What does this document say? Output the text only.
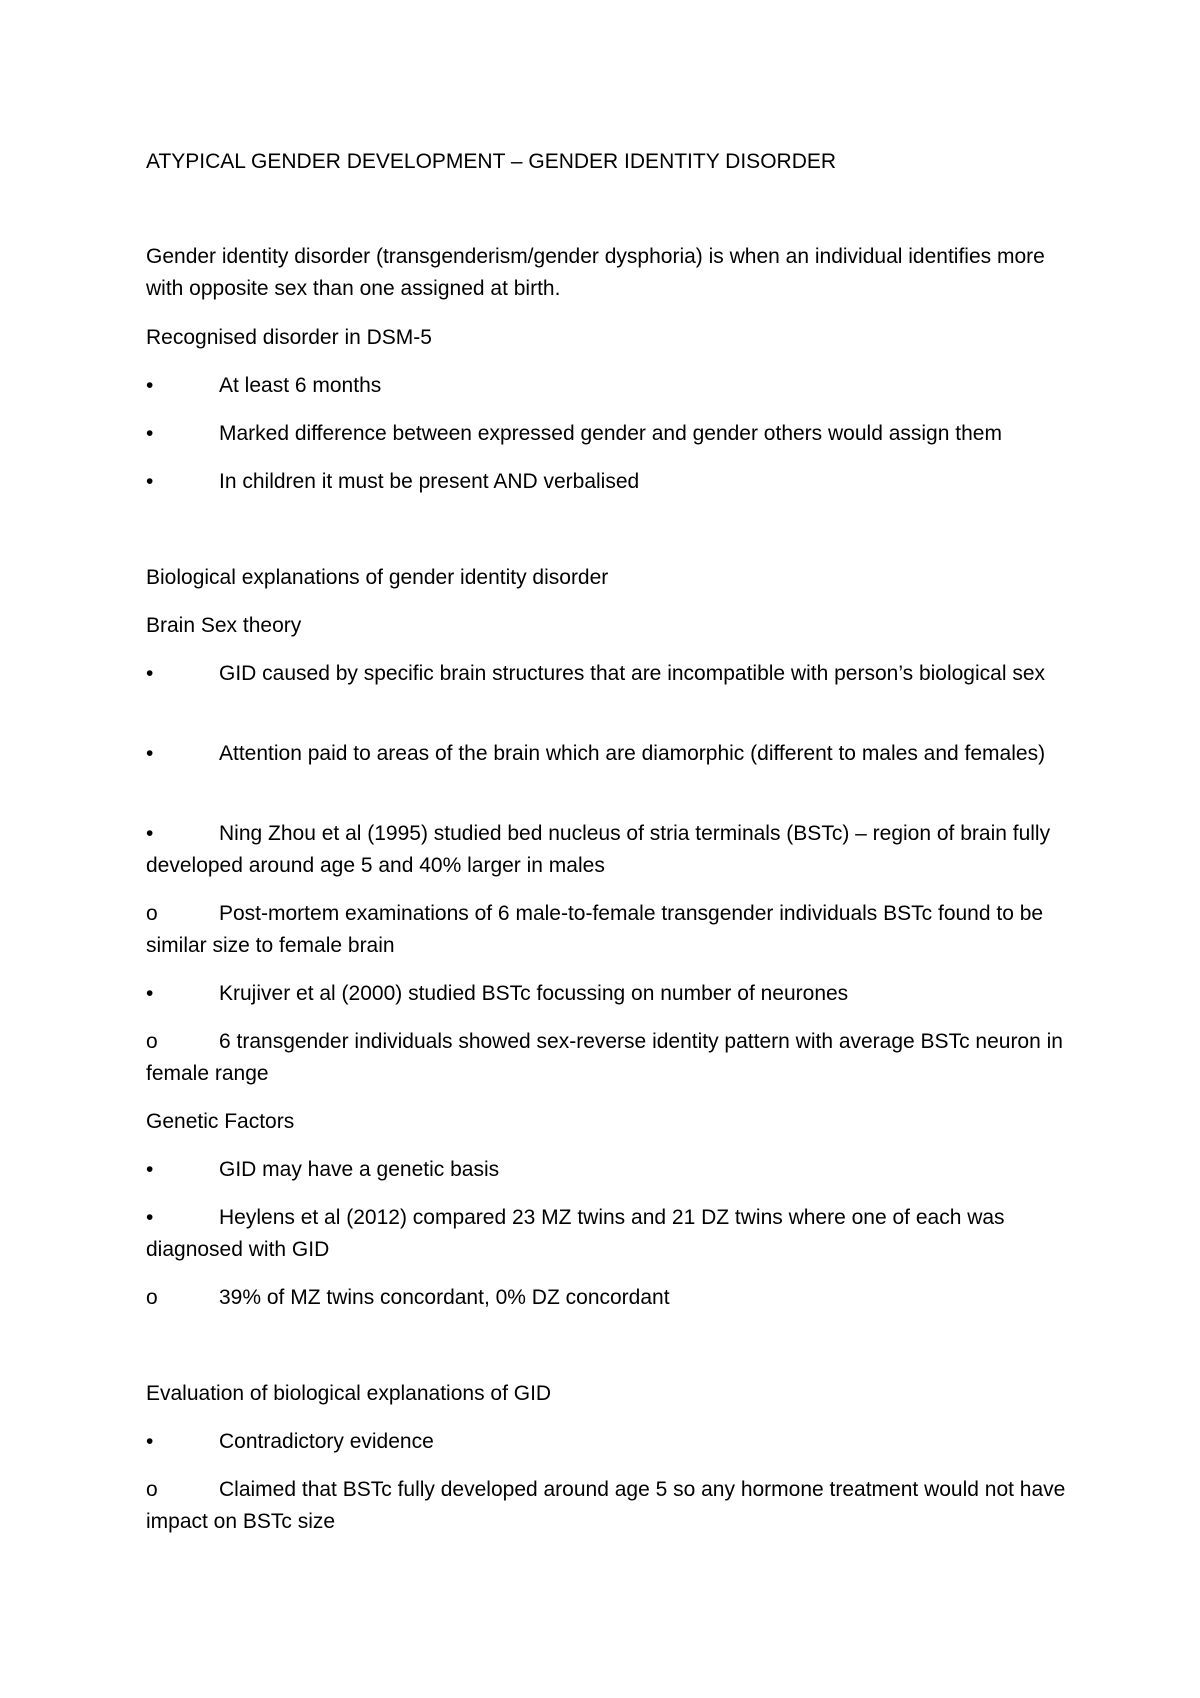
ATYPICAL GENDER DEVELOPMENT – GENDER IDENTITY DISORDER
Gender identity disorder (transgenderism/gender dysphoria) is when an individual identifies more with opposite sex than one assigned at birth.
Recognised disorder in DSM-5
•	At least 6 months
•	Marked difference between expressed gender and gender others would assign them
•	In children it must be present AND verbalised
Biological explanations of gender identity disorder
Brain Sex theory
•	GID caused by specific brain structures that are incompatible with person’s biological sex
•	Attention paid to areas of the brain which are diamorphic (different to males and females)
•	Ning Zhou et al (1995) studied bed nucleus of stria terminals (BSTc) – region of brain fully developed around age 5 and 40% larger in males
o	Post-mortem examinations of 6 male-to-female transgender individuals BSTc found to be similar size to female brain
•	Krujiver et al (2000) studied BSTc focussing on number of neurones
o	6 transgender individuals showed sex-reverse identity pattern with average BSTc neuron in female range
Genetic Factors
•	GID may have a genetic basis
•	Heylens et al (2012) compared 23 MZ twins and 21 DZ twins where one of each was diagnosed with GID
o	39% of MZ twins concordant, 0% DZ concordant
Evaluation of biological explanations of GID
•	Contradictory evidence
o	Claimed that BSTc fully developed around age 5 so any hormone treatment would not have impact on BSTc size
